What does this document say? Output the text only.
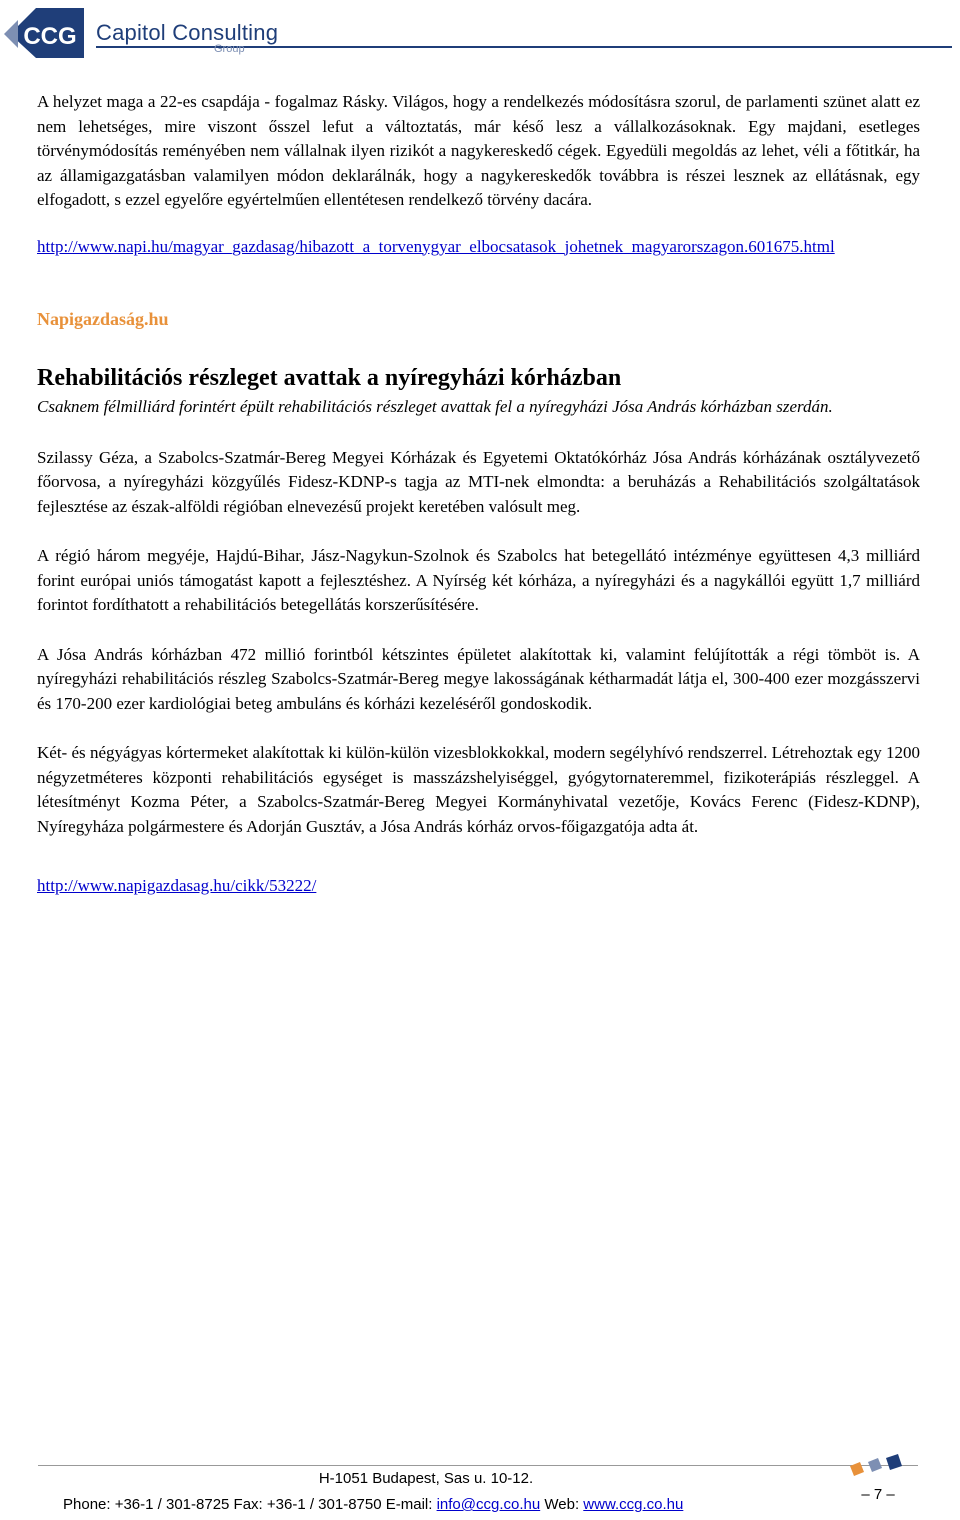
CCG Capitol Consulting
Group

A helyzet maga a 22-es csapdája - fogalmaz Rásky. Világos, hogy a rendelkezés módosításra szorul, de parlamenti szünet alatt ez nem lehetséges, mire viszont ősszel lefut a változtatás, már késő lesz a vállalkozásoknak. Egy majdani, esetleges törvénymódosítás reményében nem vállalnak ilyen rizikót a nagykereskedő cégek. Egyedüli megoldás az lehet, véli a főtitkár, ha az államigazgatásban valamilyen módon deklarálnák, hogy a nagykereskedők továbbra is részei lesznek az ellátásnak, egy elfogadott, s ezzel egyelőre egyértelműen ellentétesen rendelkező törvény dacára.

http://www.napi.hu/magyar_gazdasag/hibazott_a_torvenygyar_elbocsatasok_johetnek_magyarorszagon.601675.html
Napigazdaság.hu
Rehabilitációs részleget avattak a nyíregyházi kórházban

Csaknem félmilliárd forintért épült rehabilitációs részleget avattak fel a nyíregyházi Jósa András kórházban szerdán.

Szilassy Géza, a Szabolcs-Szatmár-Bereg Megyei Kórházak és Egyetemi Oktatókórház Jósa András kórházának osztályvezető főorvosa, a nyíregyházi közgyűlés Fidesz-KDNP-s tagja az MTI-nek elmondta: a beruházás a Rehabilitációs szolgáltatások fejlesztése az észak-alföldi régióban elnevezésű projekt keretében valósult meg.

A régió három megyéje, Hajdú-Bihar, Jász-Nagykun-Szolnok és Szabolcs hat betegellátó intézménye együttesen 4,3 milliárd forint európai uniós támogatást kapott a fejlesztéshez. A Nyírség két kórháza, a nyíregyházi és a nagykállói együtt 1,7 milliárd forintot fordíthatott a rehabilitációs betegellátás korszerűsítésére.

A Jósa András kórházban 472 millió forintból kétszintes épületet alakítottak ki, valamint felújították a régi tömböt is. A nyíregyházi rehabilitációs részleg Szabolcs-Szatmár-Bereg megye lakosságának kétharmadát látja el, 300-400 ezer mozgásszervi és 170-200 ezer kardiológiai beteg ambuláns és kórházi kezeléséről gondoskodik.

Két- és négyágyas kórtermeket alakítottak ki külön-külön vizesblokkokkal, modern segélyhívó rendszerrel. Létrehoztak egy 1200 négyzetméteres központi rehabilitációs egységet is masszázshelyiséggel, gyógytornateremmel, fizikoterápiás részleggel. A létesítményt Kozma Péter, a Szabolcs-Szatmár-Bereg Megyei Kormányhivatal vezetője, Kovács Ferenc (Fidesz-KDNP), Nyíregyháza polgármestere és Adorján Gusztáv, a Jósa András kórház orvos-főigazgatója adta át.

http://www.napigazdasag.hu/cikk/53222/
H-1051 Budapest, Sas u. 10-12.
Phone: +36-1 / 301-8725 Fax: +36-1 / 301-8750 E-mail: info@ccg.co.hu Web: www.ccg.co.hu
– 7 –
